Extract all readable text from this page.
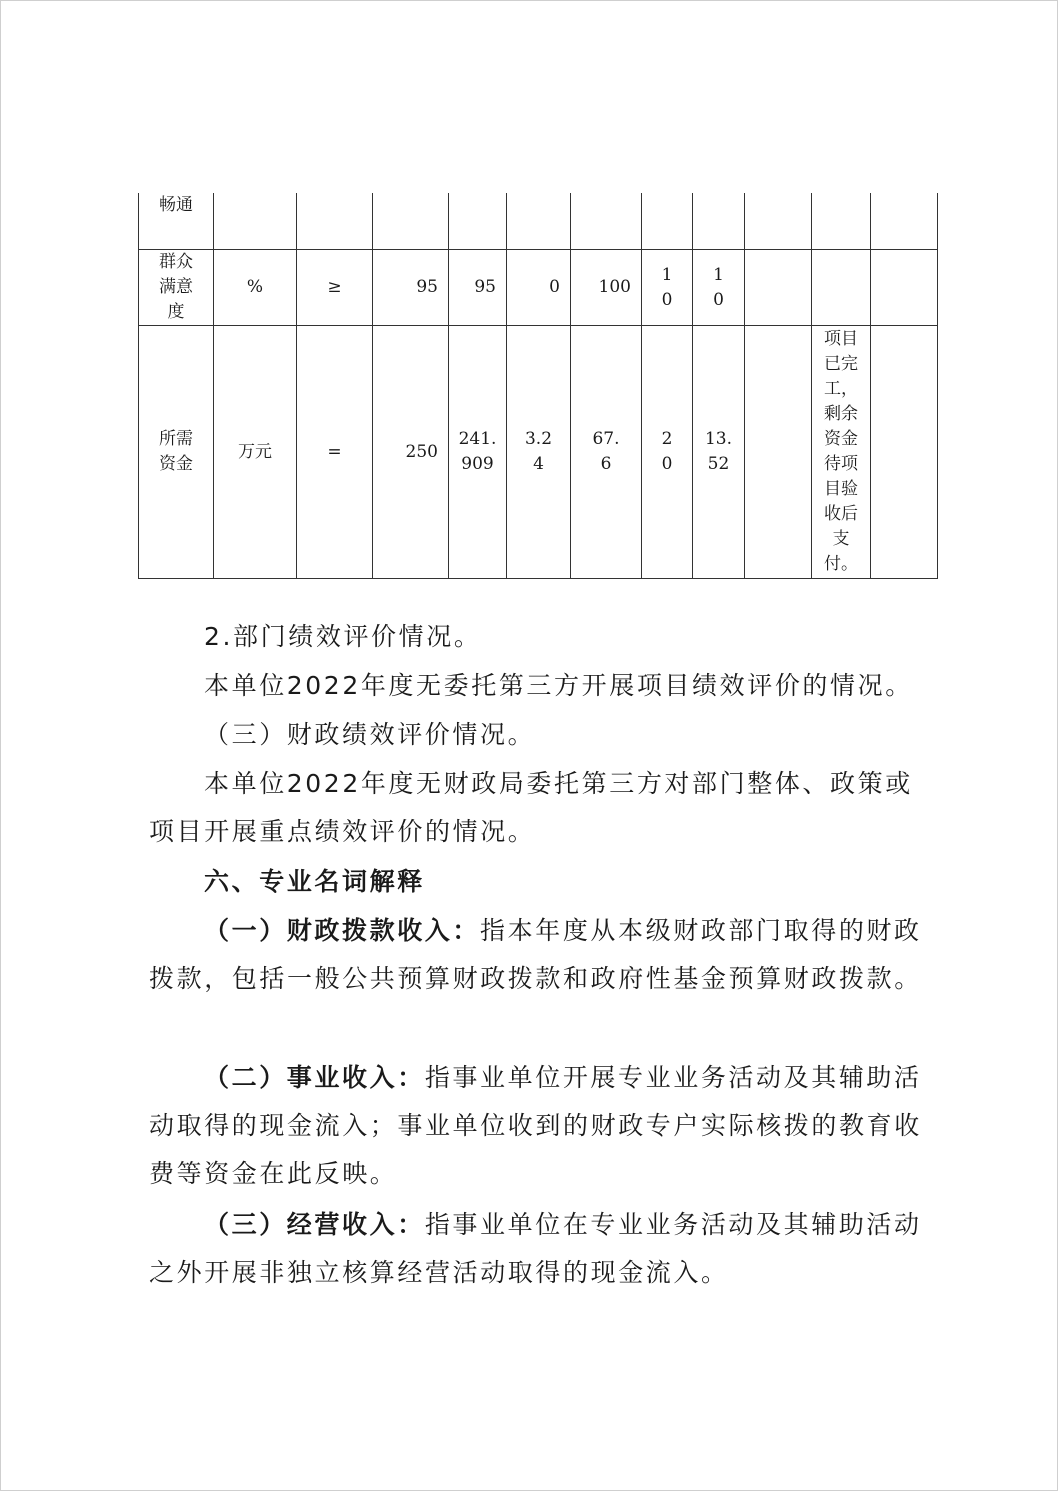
畅通											
群众满意度	%	≥	95	95	0	100	10	10			
所需资金	万元	=	250	241.909	3.24	67.6	20	13.52		项目已完工，剩余资金待项目验收后支付。	

2.部门绩效评价情况。

本单位2022年度无委托第三方开展项目绩效评价的情况。

（三）财政绩效评价情况。

本单位2022年度无财政局委托第三方对部门整体、政策或项目开展重点绩效评价的情况。

六、专业名词解释

（一）财政拨款收入：指本年度从本级财政部门取得的财政拨款，包括一般公共预算财政拨款和政府性基金预算财政拨款。

（二）事业收入：指事业单位开展专业业务活动及其辅助活动取得的现金流入；事业单位收到的财政专户实际核拨的教育收费等资金在此反映。

（三）经营收入：指事业单位在专业业务活动及其辅助活动之外开展非独立核算经营活动取得的现金流入。
